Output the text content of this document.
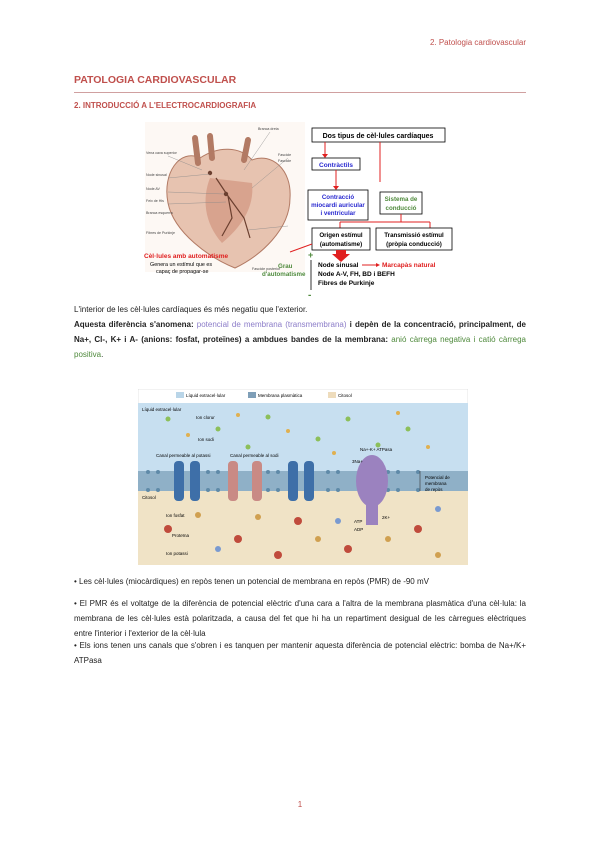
2. Patologia cardiovascular
PATOLOGIA CARDIOVASCULAR
2. INTRODUCCIÓ A L'ELECTROCARDIOGRAFIA
Branca dreta
Fascicle
Fascicle
Vena cava superior
Node sinusal
Node AV
Feix de His
Branca esquerra
Fibres de Purkinje
Fascicle posterior
Dos tipus de cèl·lules cardíaques
Contràctils
Contracció
miocardi auricular
i ventricular
Sistema de
conducció
Origen estímul
(automatisme)
Transmissió estímul
(pròpia conducció)
Cèl·lules amb automatisme
Genera un estímul que es
capaç de propagar-se
+
-
Grau
d'automatisme
Node sinusal	Marcapàs natural
Node A-V, FH, BD i BEFH
Fibres de Purkinje
L'interior de les cèl·lules cardíaques és més negatiu que l'exterior.
Aquesta diferència s'anomena: potencial de membrana (transmembrana) i depèn de la concentració, principalment, de Na+, Cl-, K+ i A- (anions: fosfat, proteïnes) a ambdues bandes de la membrana: anió càrrega negativa i catió càrrega positiva.
Líquid extracel·lular	Membrana plasmàtica	Citosol
Líquid extracel·lular
Ion clorur
Ion sodi
Canal permeable al potassi	Canal permeable al sodi
Na+-K+ ATPasa
3Na+
2K+
ATP
ADP
Potencial de
membrana
de repòs
Citosol
Ion fosfat
Proteïna
Ion potassi
• Les cèl·lules (miocàrdiques) en repòs tenen un potencial de membrana en repòs (PMR) de -90 mV
• El PMR és el voltatge de la diferència de potencial elèctric d'una cara a l'altra de la membrana plasmàtica d'una cèl·lula: la membrana de les cèl·lules està polaritzada, a causa del fet que hi ha un repartiment desigual de les càrregues elèctriques entre l'interior i l'exterior de la cèl·lula
• Els ions tenen uns canals que s'obren i es tanquen per mantenir aquesta diferència de potencial elèctric: bomba de Na+/K+ ATPasa
1
